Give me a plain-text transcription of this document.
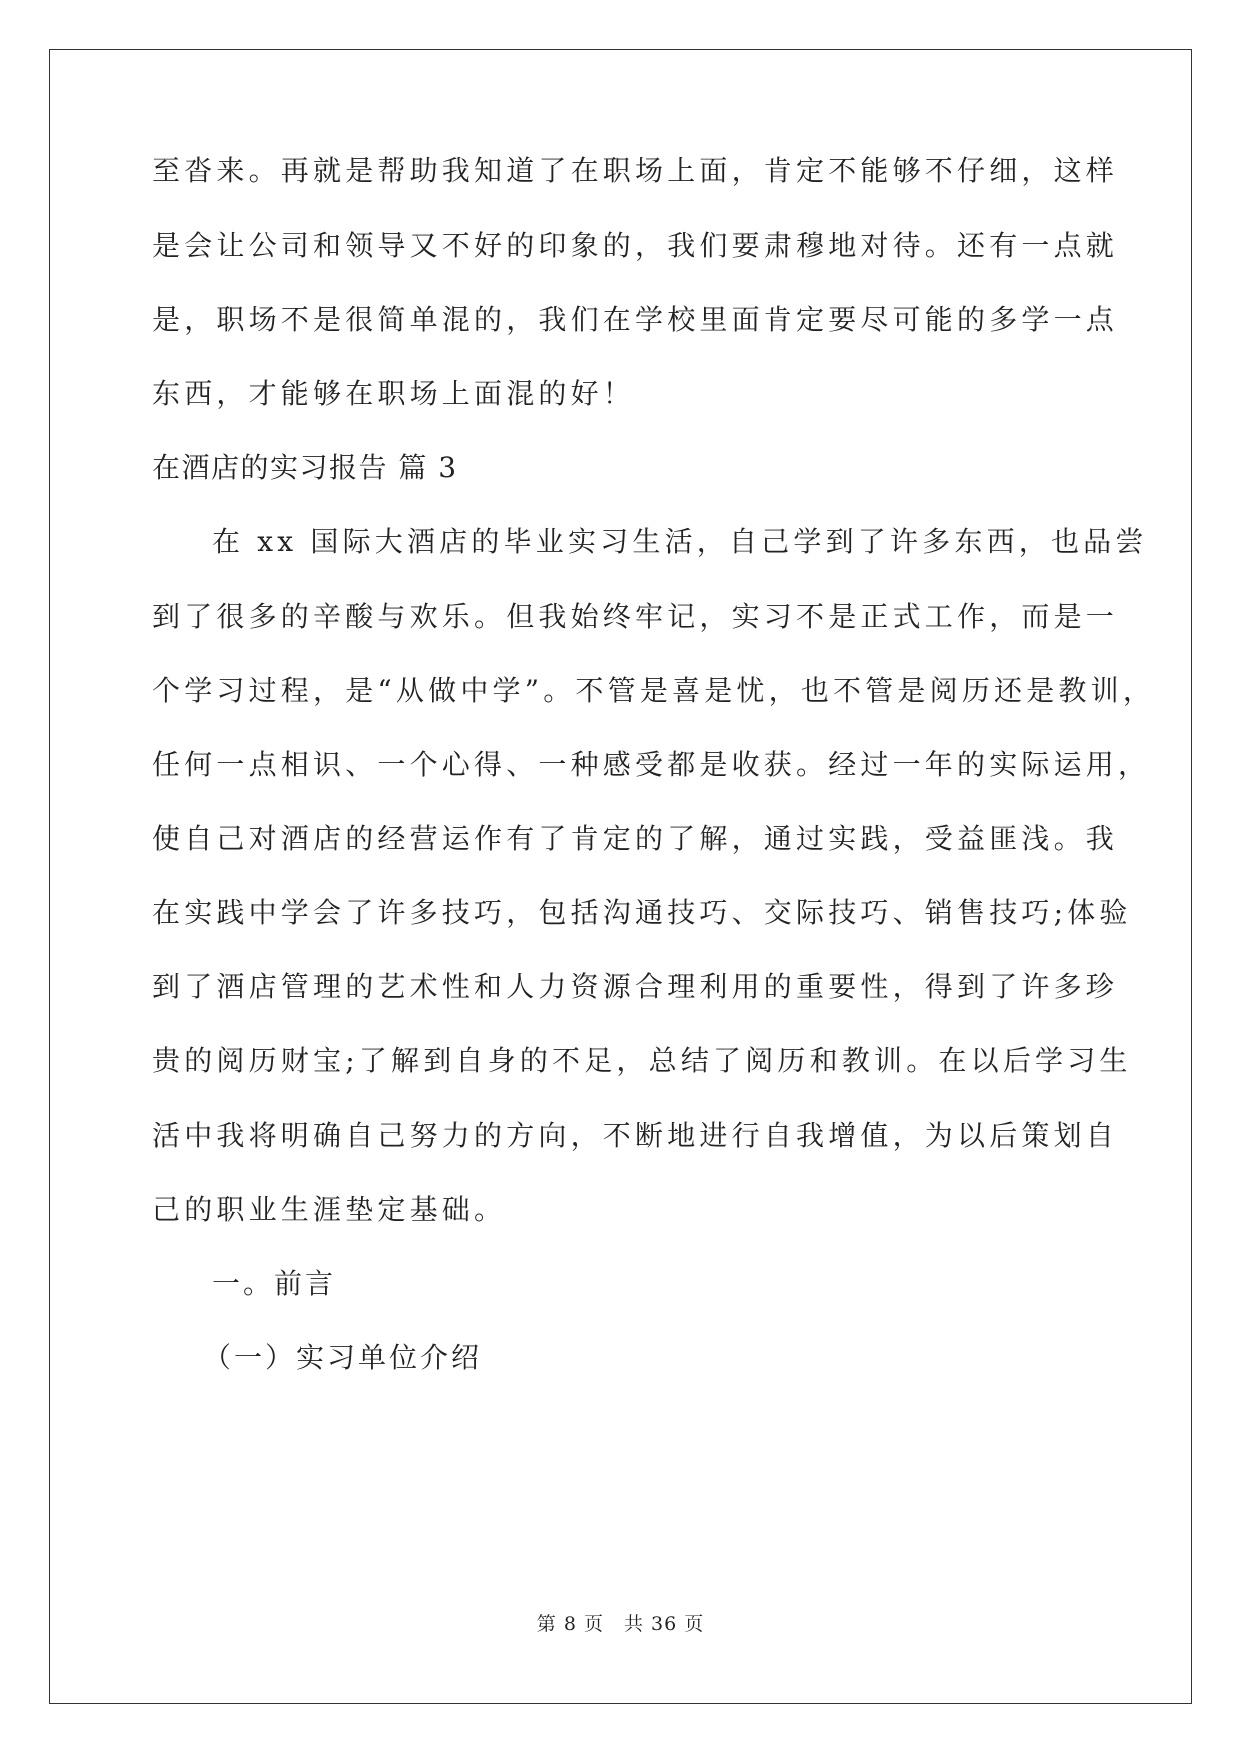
至沓来。再就是帮助我知道了在职场上面，肯定不能够不仔细，这样
是会让公司和领导又不好的印象的，我们要肃穆地对待。还有一点就
是，职场不是很简单混的，我们在学校里面肯定要尽可能的多学一点
东西，才能够在职场上面混的好！
在酒店的实习报告 篇 3
在 xx 国际大酒店的毕业实习生活，自己学到了许多东西，也品尝
到了很多的辛酸与欢乐。但我始终牢记，实习不是正式工作，而是一
个学习过程，是“从做中学”。不管是喜是忧，也不管是阅历还是教训，
任何一点相识、一个心得、一种感受都是收获。经过一年的实际运用，
使自己对酒店的经营运作有了肯定的了解，通过实践，受益匪浅。我
在实践中学会了许多技巧，包括沟通技巧、交际技巧、销售技巧;体验
到了酒店管理的艺术性和人力资源合理利用的重要性，得到了许多珍
贵的阅历财宝;了解到自身的不足，总结了阅历和教训。在以后学习生
活中我将明确自己努力的方向，不断地进行自我增值，为以后策划自
己的职业生涯垫定基础。
一。前言
（一）实习单位介绍
第 8 页　共 36 页
